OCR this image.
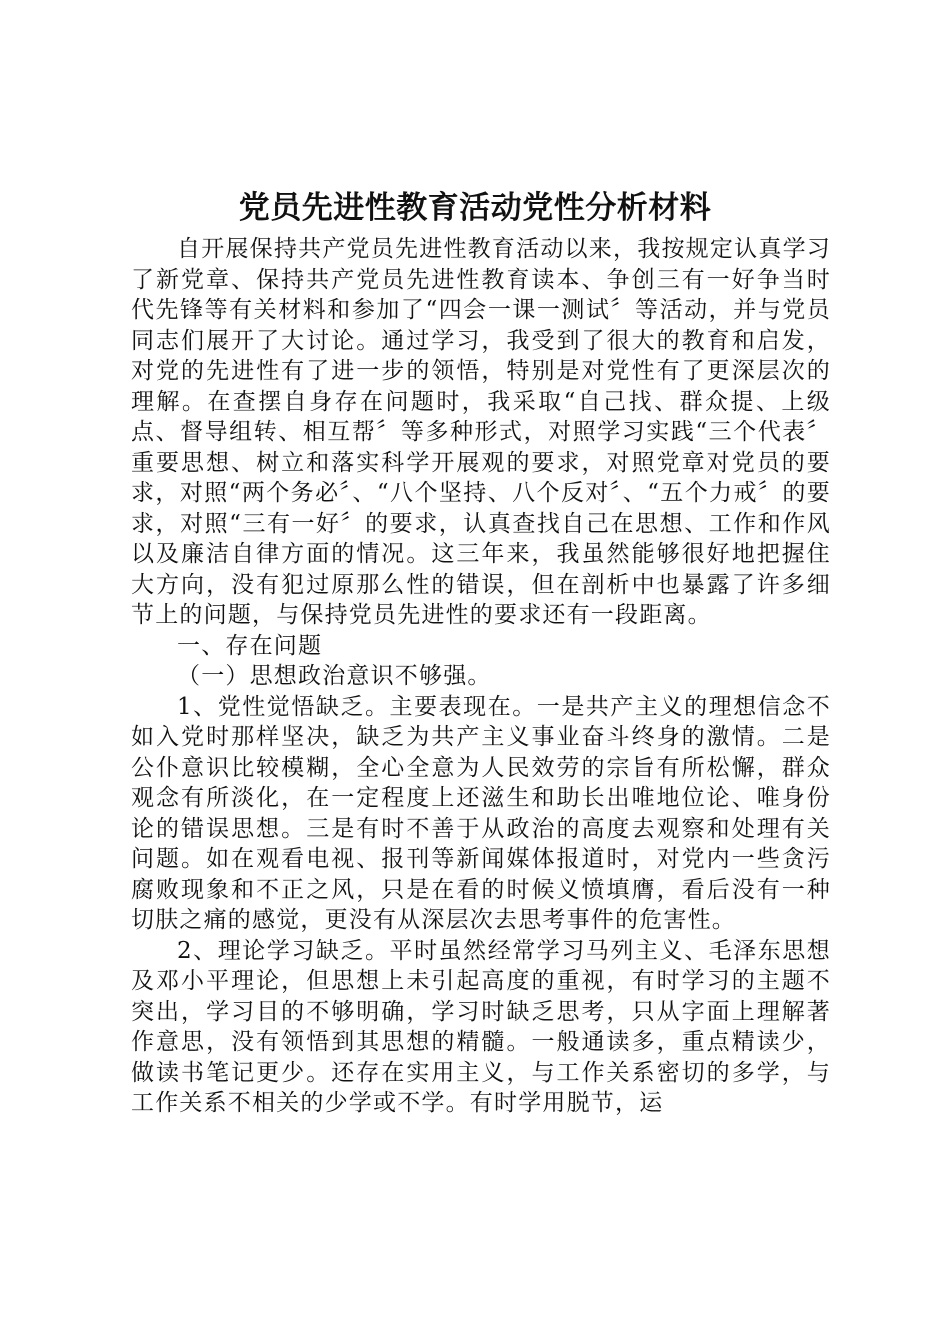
党员先进性教育活动党性分析材料

自开展保持共产党员先进性教育活动以来，我按规定认真学习了新党章、保持共产党员先进性教育读本、争创三有一好争当时代先锋等有关材料和参加了“四会一课一测试〞等活动，并与党员同志们展开了大讨论。通过学习，我受到了很大的教育和启发，对党的先进性有了进一步的领悟，特别是对党性有了更深层次的理解。在查摆自身存在问题时，我采取“自己找、群众提、上级点、督导组转、相互帮〞等多种形式，对照学习实践“三个代表〞重要思想、树立和落实科学开展观的要求，对照党章对党员的要求，对照“两个务必〞、“八个坚持、八个反对〞、“五个力戒〞的要求，对照“三有一好〞的要求，认真查找自己在思想、工作和作风以及廉洁自律方面的情况。这三年来，我虽然能够很好地把握住大方向，没有犯过原那么性的错误，但在剖析中也暴露了许多细节上的问题，与保持党员先进性的要求还有一段距离。

一、存在问题

（一）思想政治意识不够强。

1、党性觉悟缺乏。主要表现在。一是共产主义的理想信念不如入党时那样坚决，缺乏为共产主义事业奋斗终身的激情。二是公仆意识比较模糊，全心全意为人民效劳的宗旨有所松懈，群众观念有所淡化，在一定程度上还滋生和助长出唯地位论、唯身份论的错误思想。三是有时不善于从政治的高度去观察和处理有关问题。如在观看电视、报刊等新闻媒体报道时，对党内一些贪污腐败现象和不正之风，只是在看的时候义愤填膺，看后没有一种切肤之痛的感觉，更没有从深层次去思考事件的危害性。

2、理论学习缺乏。平时虽然经常学习马列主义、毛泽东思想及邓小平理论，但思想上未引起高度的重视，有时学习的主题不突出，学习目的不够明确，学习时缺乏思考，只从字面上理解著作意思，没有领悟到其思想的精髓。一般通读多，重点精读少，做读书笔记更少。还存在实用主义，与工作关系密切的多学，与工作关系不相关的少学或不学。有时学用脱节，运
